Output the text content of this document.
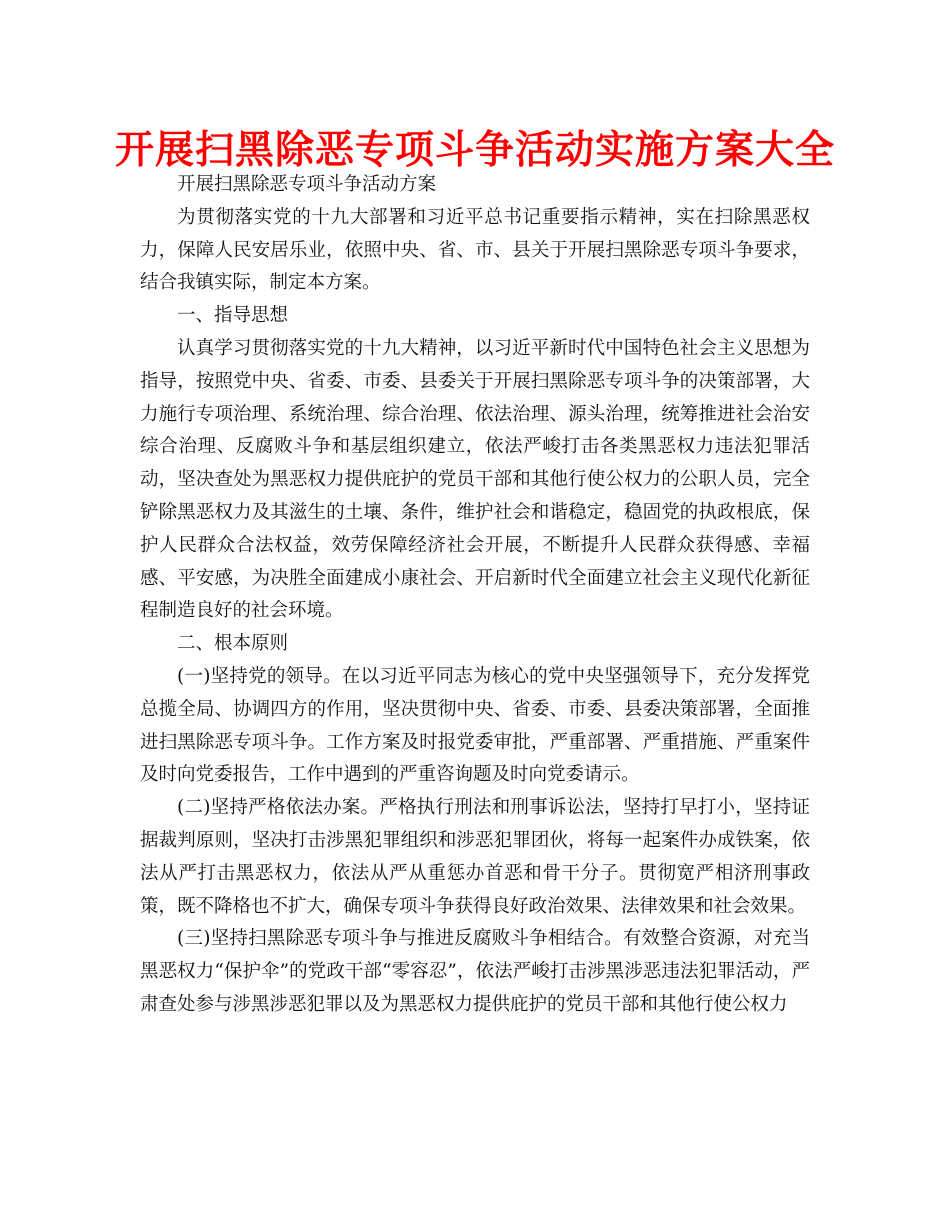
开展扫黑除恶专项斗争活动实施方案大全

开展扫黑除恶专项斗争活动方案

为贯彻落实党的十九大部署和习近平总书记重要指示精神，实在扫除黑恶权力，保障人民安居乐业，依照中央、省、市、县关于开展扫黑除恶专项斗争要求，结合我镇实际，制定本方案。

一、指导思想

认真学习贯彻落实党的十九大精神，以习近平新时代中国特色社会主义思想为指导，按照党中央、省委、市委、县委关于开展扫黑除恶专项斗争的决策部署，大力施行专项治理、系统治理、综合治理、依法治理、源头治理，统筹推进社会治安综合治理、反腐败斗争和基层组织建立，依法严峻打击各类黑恶权力违法犯罪活动，坚决查处为黑恶权力提供庇护的党员干部和其他行使公权力的公职人员，完全铲除黑恶权力及其滋生的土壤、条件，维护社会和谐稳定，稳固党的执政根底，保护人民群众合法权益，效劳保障经济社会开展，不断提升人民群众获得感、幸福感、平安感，为决胜全面建成小康社会、开启新时代全面建立社会主义现代化新征程制造良好的社会环境。

二、根本原则

(一)坚持党的领导。在以习近平同志为核心的党中央坚强领导下，充分发挥党总揽全局、协调四方的作用，坚决贯彻中央、省委、市委、县委决策部署，全面推进扫黑除恶专项斗争。工作方案及时报党委审批，严重部署、严重措施、严重案件及时向党委报告，工作中遇到的严重咨询题及时向党委请示。

(二)坚持严格依法办案。严格执行刑法和刑事诉讼法，坚持打早打小，坚持证据裁判原则，坚决打击涉黑犯罪组织和涉恶犯罪团伙，将每一起案件办成铁案，依法从严打击黑恶权力，依法从严从重惩办首恶和骨干分子。贯彻宽严相济刑事政策，既不降格也不扩大，确保专项斗争获得良好政治效果、法律效果和社会效果。

(三)坚持扫黑除恶专项斗争与推进反腐败斗争相结合。有效整合资源，对充当黑恶权力“保护伞”的党政干部“零容忍”，依法严峻打击涉黑涉恶违法犯罪活动，严肃查处参与涉黑涉恶犯罪以及为黑恶权力提供庇护的党员干部和其他行使公权力
